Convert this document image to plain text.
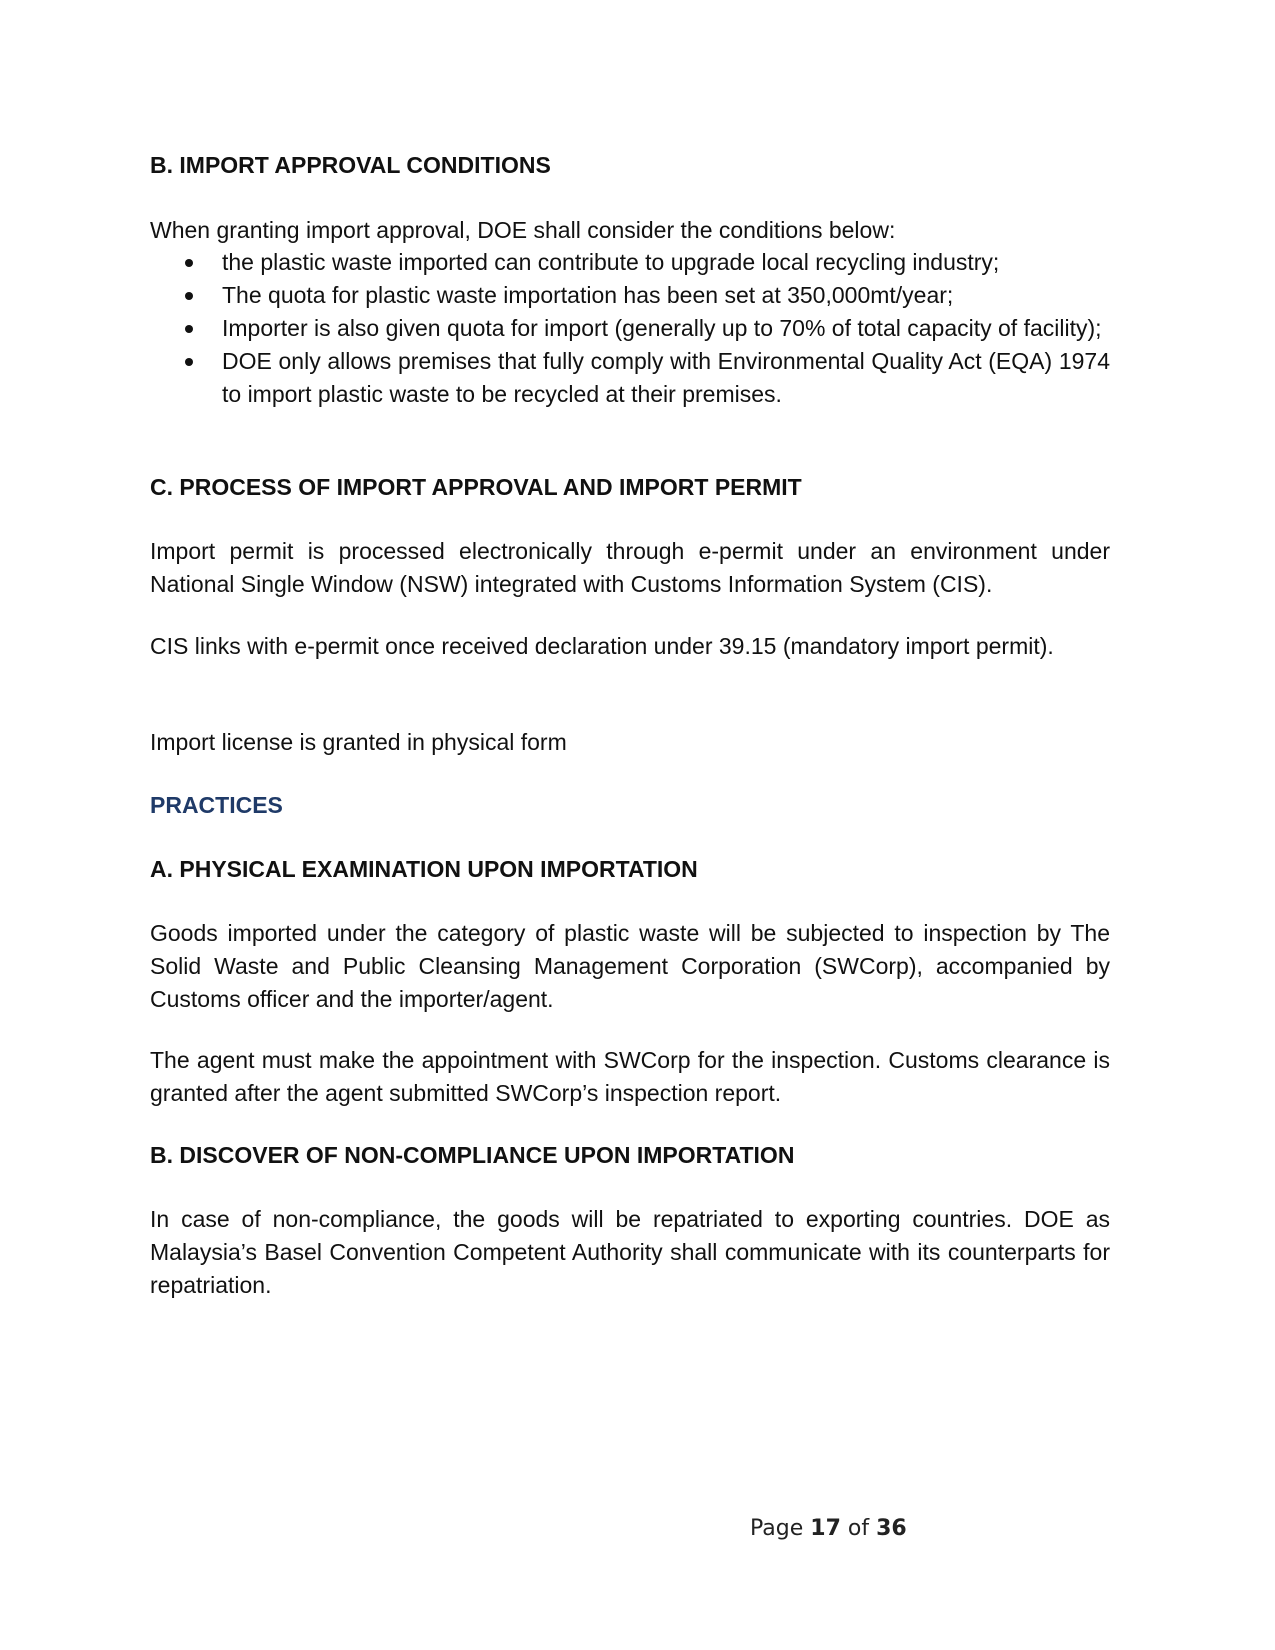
B. IMPORT APPROVAL CONDITIONS

When granting import approval, DOE shall consider the conditions below:

the plastic waste imported can contribute to upgrade local recycling industry;
The quota for plastic waste importation has been set at 350,000mt/year;
Importer is also given quota for import (generally up to 70% of total capacity of facility);
DOE only allows premises that fully comply with Environmental Quality Act (EQA) 1974 to import plastic waste to be recycled at their premises.
C. PROCESS OF IMPORT APPROVAL AND IMPORT PERMIT

Import permit is processed electronically through e-permit under an environment under National Single Window (NSW) integrated with Customs Information System (CIS).

CIS links with e-permit once received declaration under 39.15 (mandatory import permit).

Import license is granted in physical form

PRACTICES
A. PHYSICAL EXAMINATION UPON IMPORTATION

Goods imported under the category of plastic waste will be subjected to inspection by The Solid Waste and Public Cleansing Management Corporation (SWCorp), accompanied by Customs officer and the importer/agent.

The agent must make the appointment with SWCorp for the inspection. Customs clearance is granted after the agent submitted SWCorp’s inspection report.

B. DISCOVER OF NON-COMPLIANCE UPON IMPORTATION

In case of non-compliance, the goods will be repatriated to exporting countries. DOE as Malaysia’s Basel Convention Competent Authority shall communicate with its counterparts for repatriation.

Page 17 of 36
